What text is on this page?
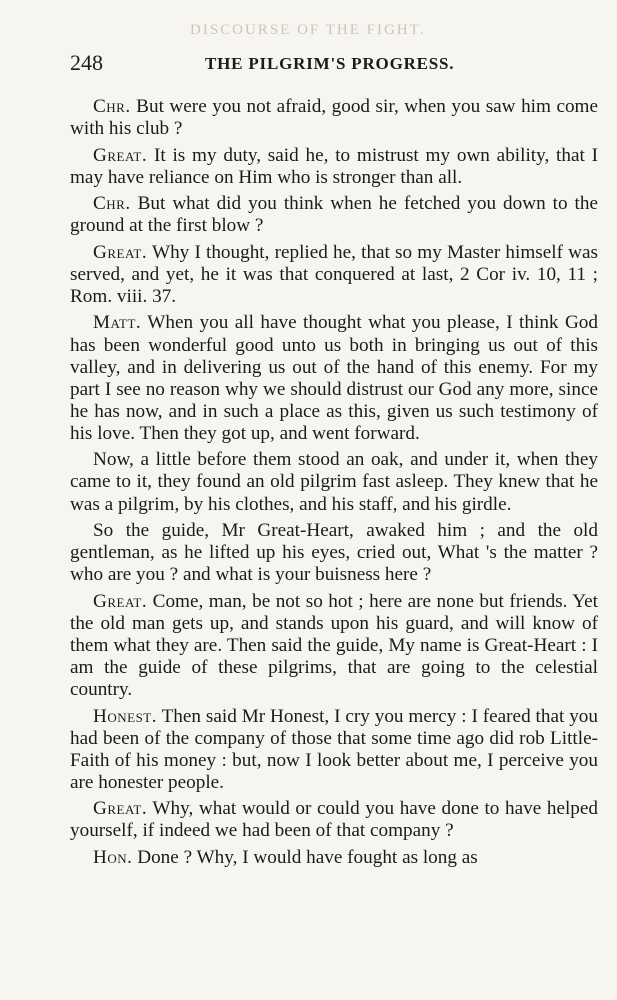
DISCOURSE OF THE FIGHT.
248	THE PILGRIM'S PROGRESS.

Chr. But were you not afraid, good sir, when you saw him come with his club ?

Great. It is my duty, said he, to mistrust my own ability, that I may have reliance on Him who is stronger than all.

Chr. But what did you think when he fetched you down to the ground at the first blow ?

Great. Why I thought, replied he, that so my Master himself was served, and yet, he it was that conquered at last, 2 Cor iv. 10, 11 ; Rom. viii. 37.

Matt. When you all have thought what you please, I think God has been wonderful good unto us both in bringing us out of this valley, and in delivering us out of the hand of this enemy. For my part I see no reason why we should distrust our God any more, since he has now, and in such a place as this, given us such testimony of his love. Then they got up, and went forward.

Now, a little before them stood an oak, and under it, when they came to it, they found an old pilgrim fast asleep. They knew that he was a pilgrim, by his clothes, and his staff, and his girdle.

So the guide, Mr Great-Heart, awaked him ; and the old gentleman, as he lifted up his eyes, cried out, What 's the matter ? who are you ? and what is your buisness here ?

Great. Come, man, be not so hot ; here are none but friends. Yet the old man gets up, and stands upon his guard, and will know of them what they are. Then said the guide, My name is Great-Heart : I am the guide of these pilgrims, that are going to the celestial country.

Honest. Then said Mr Honest, I cry you mercy : I feared that you had been of the company of those that some time ago did rob Little-Faith of his money : but, now I look better about me, I perceive you are honester people.

Great. Why, what would or could you have done to have helped yourself, if indeed we had been of that company ?

Hon. Done ? Why, I would have fought as long as
